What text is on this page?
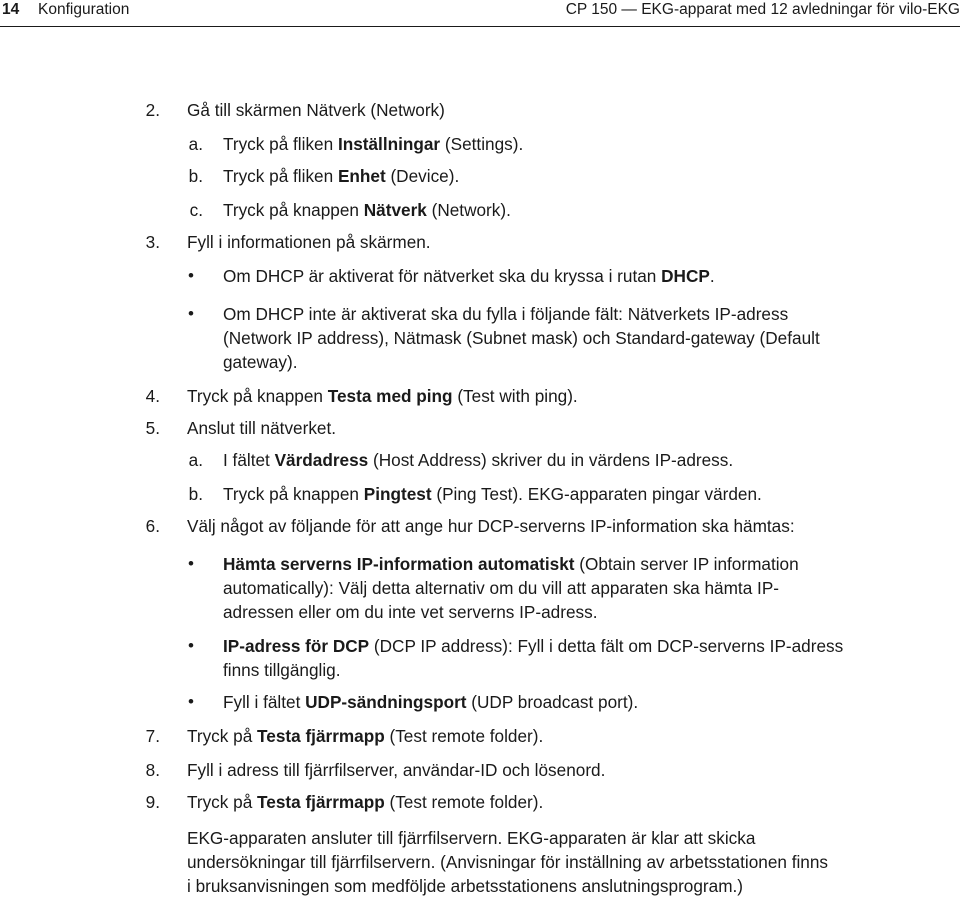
14 Konfiguration	CP 150 — EKG-apparat med 12 avledningar för vilo-EKG
2. Gå till skärmen Nätverk (Network)
a. Tryck på fliken Inställningar (Settings).
b. Tryck på fliken Enhet (Device).
c. Tryck på knappen Nätverk (Network).
3. Fyll i informationen på skärmen.
• Om DHCP är aktiverat för nätverket ska du kryssa i rutan DHCP.
• Om DHCP inte är aktiverat ska du fylla i följande fält: Nätverkets IP-adress
(Network IP address), Nätmask (Subnet mask) och Standard-gateway (Default
gateway).
4. Tryck på knappen Testa med ping (Test with ping).
5. Anslut till nätverket.
a. I fältet Värdadress (Host Address) skriver du in värdens IP-adress.
b. Tryck på knappen Pingtest (Ping Test). EKG-apparaten pingar värden.
6. Välj något av följande för att ange hur DCP-serverns IP-information ska hämtas:
• Hämta serverns IP-information automatiskt (Obtain server IP information
automatically): Välj detta alternativ om du vill att apparaten ska hämta IP-
adressen eller om du inte vet serverns IP-adress.
• IP-adress för DCP (DCP IP address): Fyll i detta fält om DCP-serverns IP-adress
finns tillgänglig.
• Fyll i fältet UDP-sändningsport (UDP broadcast port).
7. Tryck på Testa fjärrmapp (Test remote folder).
8. Fyll i adress till fjärrfilserver, användar-ID och lösenord.
9. Tryck på Testa fjärrmapp (Test remote folder).
EKG-apparaten ansluter till fjärrfilservern. EKG-apparaten är klar att skicka
undersökningar till fjärrfilservern. (Anvisningar för inställning av arbetsstationen finns
i bruksanvisningen som medföljde arbetsstationens anslutningsprogram.)
